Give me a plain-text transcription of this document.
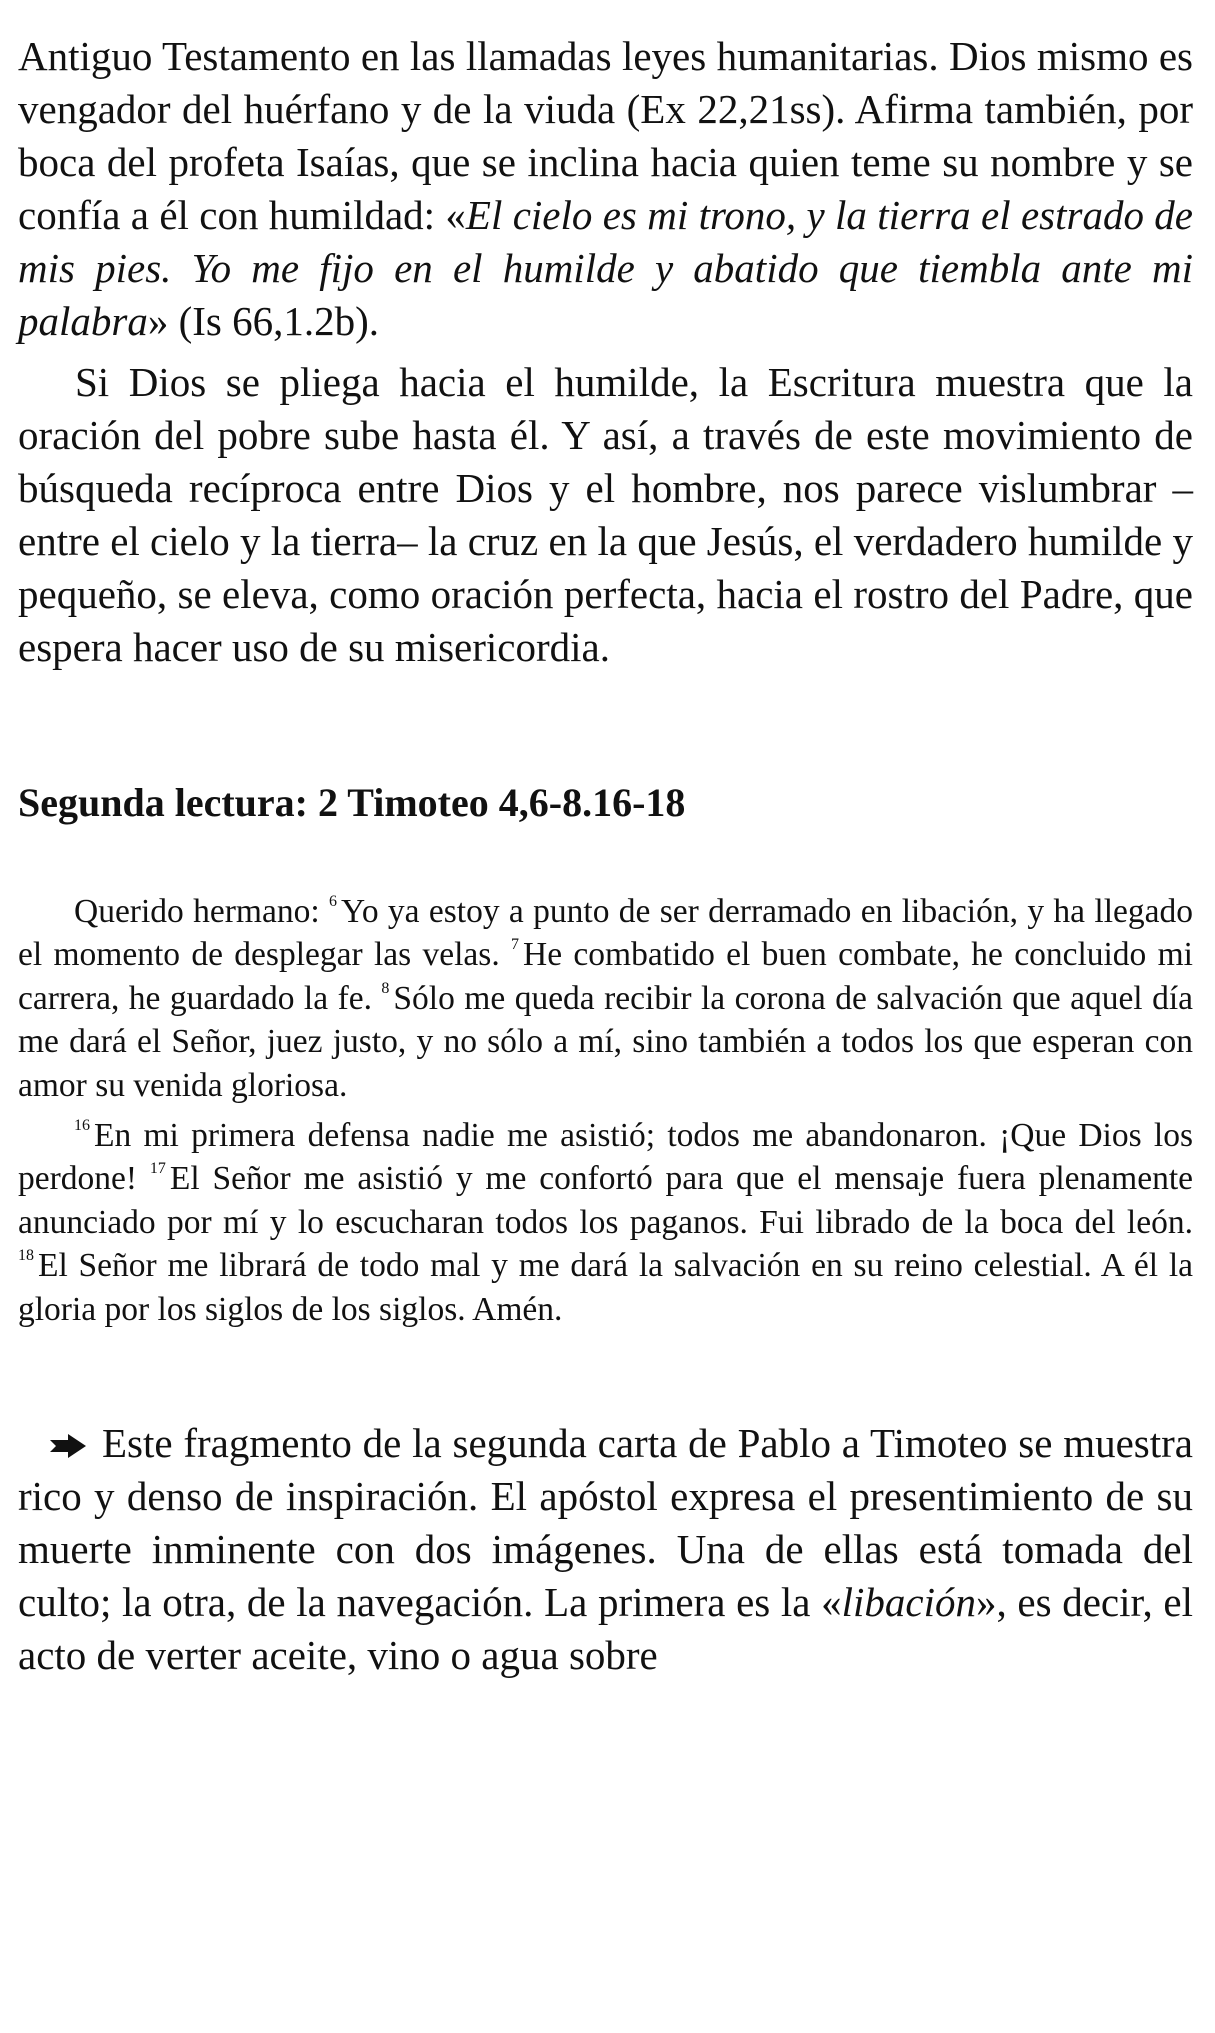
Antiguo Testamento en las llamadas leyes humanitarias. Dios mismo es vengador del huérfano y de la viuda (Ex 22,21ss). Afirma también, por boca del profeta Isaías, que se inclina hacia quien teme su nombre y se confía a él con humildad: «El cielo es mi trono, y la tierra el estrado de mis pies. Yo me fijo en el humilde y abatido que tiembla ante mi palabra» (Is 66,1.2b).

Si Dios se pliega hacia el humilde, la Escritura muestra que la oración del pobre sube hasta él. Y así, a través de este movimiento de búsqueda recíproca entre Dios y el hombre, nos parece vislumbrar –entre el cielo y la tierra– la cruz en la que Jesús, el verdadero humilde y pequeño, se eleva, como oración perfecta, hacia el rostro del Padre, que espera hacer uso de su misericordia.

Segunda lectura: 2 Timoteo 4,6-8.16-18

Querido hermano: $^6$ Yo ya estoy a punto de ser derramado en libación, y ha llegado el momento de desplegar las velas. $^7$ He combatido el buen combate, he concluido mi carrera, he guardado la fe. $^8$ Sólo me queda recibir la corona de salvación que aquel día me dará el Señor, juez justo, y no sólo a mí, sino también a todos los que esperan con amor su venida gloriosa.

$^{16}$ En mi primera defensa nadie me asistió; todos me abandonaron. ¡Que Dios los perdone! $^{17}$ El Señor me asistió y me confortó para que el mensaje fuera plenamente anunciado por mí y lo escucharan todos los paganos. Fui librado de la boca del león. $^{18}$ El Señor me librará de todo mal y me dará la salvación en su reino celestial. A él la gloria por los siglos de los siglos. Amén.

Este fragmento de la segunda carta de Pablo a Timoteo se muestra rico y denso de inspiración. El apóstol expresa el presentimiento de su muerte inminente con dos imágenes. Una de ellas está tomada del culto; la otra, de la navegación. La primera es la «libación», es decir, el acto de verter aceite, vino o agua sobre
